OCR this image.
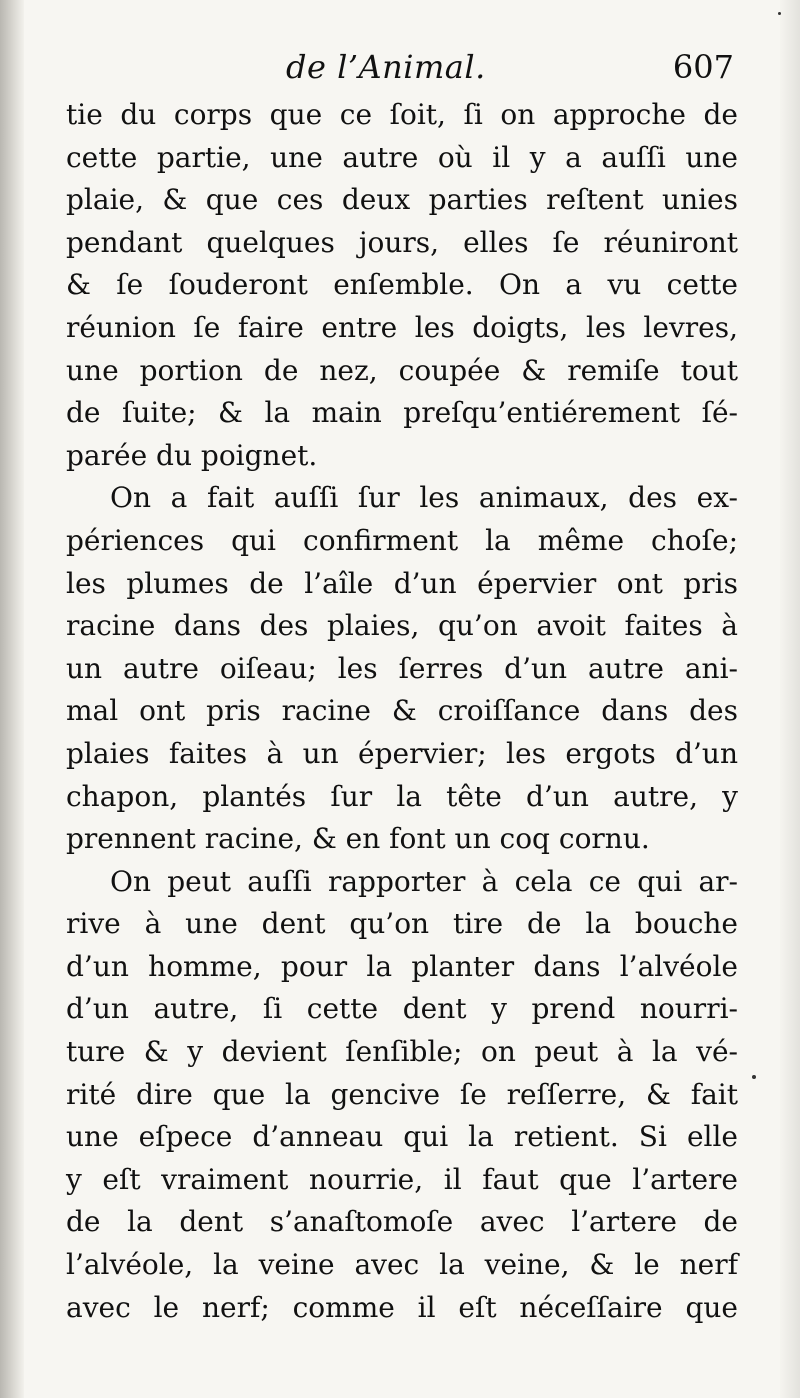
de l’Animal.	607
tie du corps que ce ſoit, ſi on approche de
cette partie, une autre où il y a auſſi une
plaie, & que ces deux parties reſtent unies
pendant quelques jours, elles ſe réuniront
& ſe ſouderont enſemble. On a vu cette
réunion ſe faire entre les doigts, les levres,
une portion de nez, coupée & remiſe tout
de ſuite; & la main preſqu’entiérement ſé-
parée du poignet.
On a fait auſſi ſur les animaux, des ex-
périences qui confirment la même choſe;
les plumes de l’aîle d’un épervier ont pris
racine dans des plaies, qu’on avoit faites à
un autre oiſeau; les ſerres d’un autre ani-
mal ont pris racine & croiſſance dans des
plaies faites à un épervier; les ergots d’un
chapon, plantés ſur la tête d’un autre, y
prennent racine, & en font un coq cornu.
On peut auſſi rapporter à cela ce qui ar-
rive à une dent qu’on tire de la bouche
d’un homme, pour la planter dans l’alvéole
d’un autre, ſi cette dent y prend nourri-
ture & y devient ſenſible; on peut à la vé-
rité dire que la gencive ſe reſſerre, & fait
une eſpece d’anneau qui la retient. Si elle
y eſt vraiment nourrie, il faut que l’artere
de la dent s’anaſtomoſe avec l’artere de
l’alvéole, la veine avec la veine, & le nerf
avec le nerf; comme il eſt néceſſaire que
